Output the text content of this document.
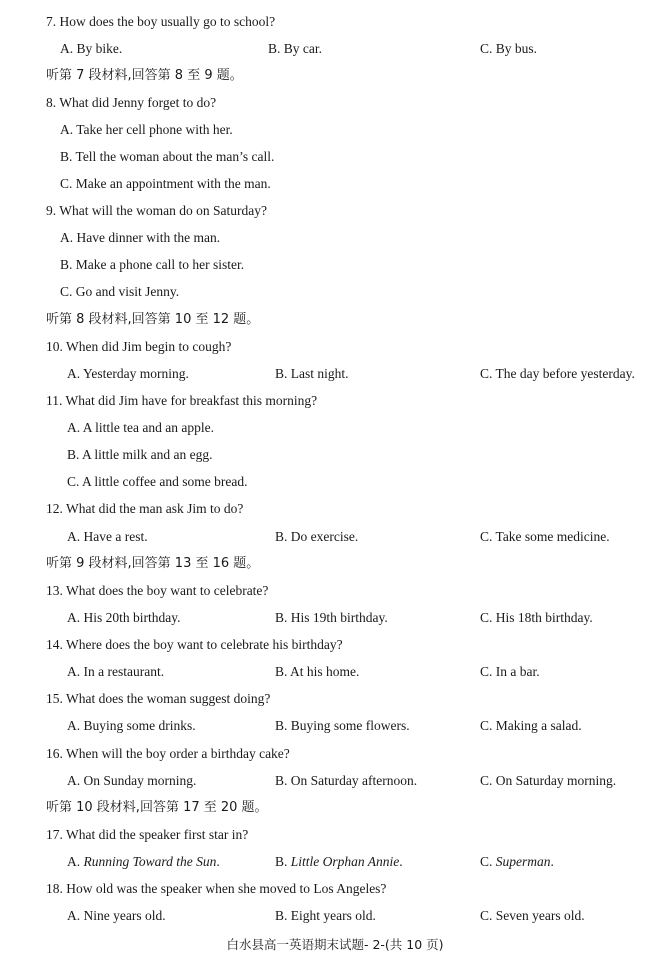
7. How does the boy usually go to school?
A. By bike.	B. By car.	C. By bus.
听第 7 段材料,回答第 8 至 9 题。
8. What did Jenny forget to do?
A. Take her cell phone with her.
B. Tell the woman about the man’s call.
C. Make an appointment with the man.
9. What will the woman do on Saturday?
A. Have dinner with the man.
B. Make a phone call to her sister.
C. Go and visit Jenny.
听第 8 段材料,回答第 10 至 12 题。
10. When did Jim begin to cough?
A. Yesterday morning.	B. Last night.	C. The day before yesterday.
11. What did Jim have for breakfast this morning?
A. A little tea and an apple.
B. A little milk and an egg.
C. A little coffee and some bread.
12. What did the man ask Jim to do?
A. Have a rest.	B. Do exercise.	C. Take some medicine.
听第 9 段材料,回答第 13 至 16 题。
13. What does the boy want to celebrate?
A. His 20th birthday.	B. His 19th birthday.	C. His 18th birthday.
14. Where does the boy want to celebrate his birthday?
A. In a restaurant.	B. At his home.	C. In a bar.
15. What does the woman suggest doing?
A. Buying some drinks.	B. Buying some flowers.	C. Making a salad.
16. When will the boy order a birthday cake?
A. On Sunday morning.	B. On Saturday afternoon.	C. On Saturday morning.
听第 10 段材料,回答第 17 至 20 题。
17. What did the speaker first star in?
A. Running Toward the Sun.	B. Little Orphan Annie.	C. Superman.
18. How old was the speaker when she moved to Los Angeles?
A. Nine years old.	B. Eight years old.	C. Seven years old.
白水县高一英语期末试题- 2-(共 10 页)
